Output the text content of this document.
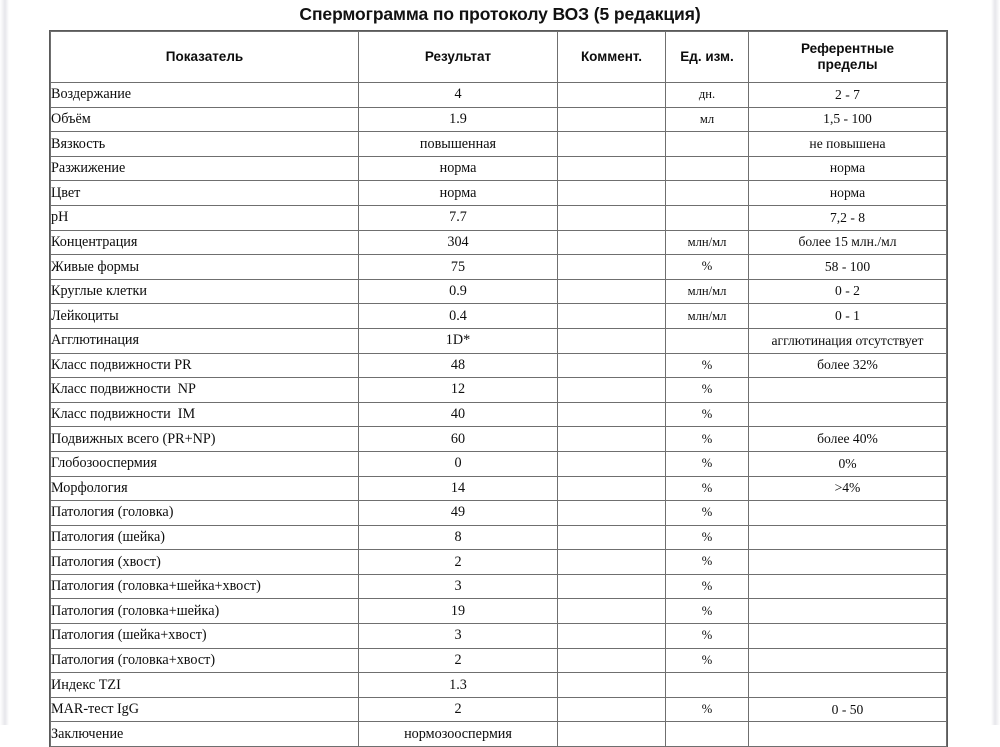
Спермограмма по протоколу ВОЗ (5 редакция)
Показатель	Результат	Коммент.	Ед. изм.	Референтные
пределы
Воздержание	4		дн.	2 - 7
Объём	1.9		мл	1,5 - 100
Вязкость	повышенная			не повышена
Разжижение	норма			норма
Цвет	норма			норма
pH	7.7			7,2 - 8
Концентрация	304		млн/мл	более 15 млн./мл
Живые формы	75		%	58 - 100
Круглые клетки	0.9		млн/мл	0 - 2
Лейкоциты	0.4		млн/мл	0 - 1
Агглютинация	1D*			агглютинация отсутствует
Класс подвижности PR	48		%	более 32%
Класс подвижности  NP	12		%	
Класс подвижности  IM	40		%	
Подвижных всего (PR+NP)	60		%	более 40%
Глобозооспермия	0		%	0%
Морфология	14		%	>4%
Патология (головка)	49		%	
Патология (шейка)	8		%	
Патология (хвост)	2		%	
Патология (головка+шейка+хвост)	3		%	
Патология (головка+шейка)	19		%	
Патология (шейка+хвост)	3		%	
Патология (головка+хвост)	2		%	
Индекс TZI	1.3			
MAR-тест IgG	2		%	0 - 50
Заключение	нормозооспермия			
